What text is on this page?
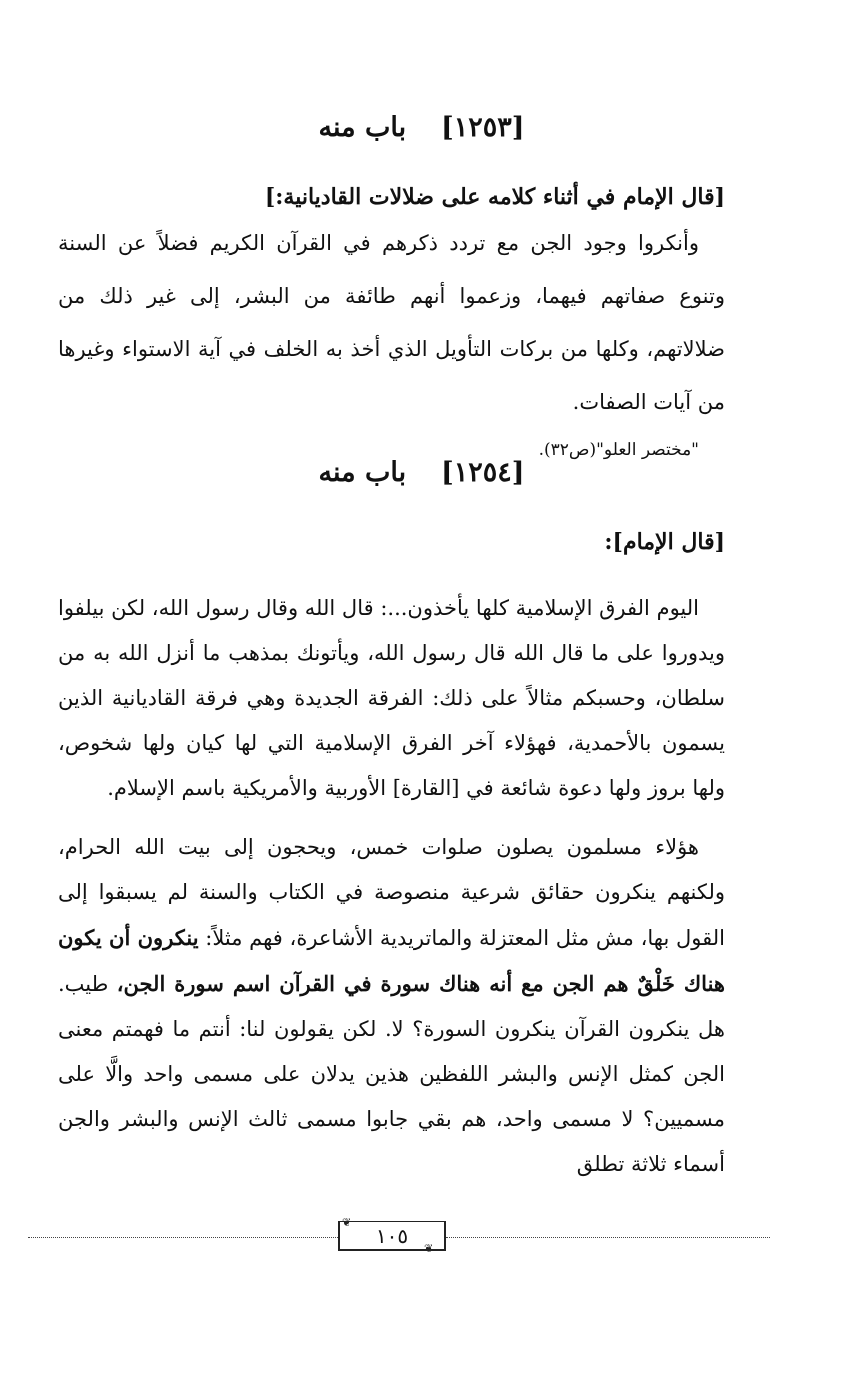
[١٢٥٣]  باب منه
[قال الإمام في أثناء كلامه على ضلالات القاديانية:]

وأنكروا وجود الجن مع تردد ذكرهم في القرآن الكريم فضلاً عن السنة وتنوع صفاتهم فيهما، وزعموا أنهم طائفة من البشر، إلى غير ذلك من ضلالاتهم، وكلها من بركات التأويل الذي أخذ به الخلف في آية الاستواء وغيرها من آيات الصفات.

"مختصر العلو"(ص٣٢).
[١٢٥٤]  باب منه
[قال الإمام]:

اليوم الفرق الإسلامية كلها يأخذون...: قال الله وقال رسول الله، لكن بيلفوا ويدوروا على ما قال الله قال رسول الله، ويأتونك بمذهب ما أنزل الله به من سلطان، وحسبكم مثالاً على ذلك: الفرقة الجديدة وهي فرقة القاديانية الذين يسمون بالأحمدية، فهؤلاء آخر الفرق الإسلامية التي لها كيان ولها شخوص، ولها بروز ولها دعوة شائعة في [القارة] الأوربية والأمريكية باسم الإسلام.

هؤلاء مسلمون يصلون صلوات خمس، ويحجون إلى بيت الله الحرام، ولكنهم ينكرون حقائق شرعية منصوصة في الكتاب والسنة لم يسبقوا إلى القول بها، مش مثل المعتزلة والماتريدية الأشاعرة، فهم مثلاً: ينكرون أن يكون هناك خَلْقٌ هم الجن مع أنه هناك سورة في القرآن اسم سورة الجن، طيب. هل ينكرون القرآن ينكرون السورة؟ لا. لكن يقولون لنا: أنتم ما فهمتم معنى الجن كمثل الإنس والبشر اللفظين هذين يدلان على مسمى واحد والَّا على مسميين؟ لا مسمى واحد، هم بقي جابوا مسمى ثالث الإنس والبشر والجن أسماء ثلاثة تطلق

١٠٥
❦
❦
